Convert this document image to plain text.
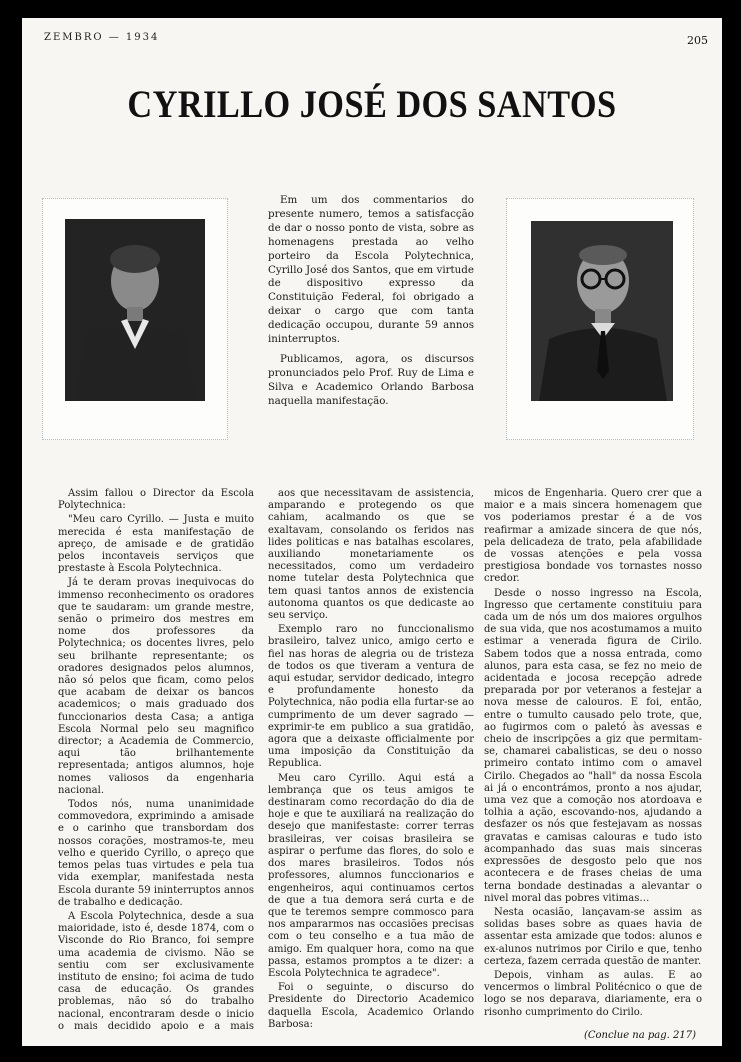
ZEMBRO — 1934	205
CYRILLO JOSÉ DOS SANTOS

Em um dos commentarios do presente numero, temos a satisfacção de dar o nosso ponto de vista, sobre as homenagens prestada ao velho porteiro da Escola Polytechnica, Cyrillo José dos Santos, que em virtude de dispositivo expresso da Constituição Federal, foi obrigado a deixar o cargo que com tanta dedicação occupou, durante 59 annos ininterruptos.

Publicamos, agora, os discursos pronunciados pelo Prof. Ruy de Lima e Silva e Academico Orlando Barbosa naquella manifestação.

Assim fallou o Director da Escola Polytechnica:

"Meu caro Cyrillo. — Justa e muito merecida é esta manifestação de apreço, de amisade e de gratidão pelos incontaveis serviços que prestaste à Escola Polytechnica.

Já te deram provas inequivocas do immenso reconhecimento os oradores que te saudaram: um grande mestre, senão o primeiro dos mestres em nome dos professores da Polytechnica; os docentes livres, pelo seu brilhante representante; os oradores designados pelos alumnos, não só pelos que ficam, como pelos que acabam de deixar os bancos academicos; o mais graduado dos funccionarios desta Casa; a antiga Escola Normal pelo seu magnifico director; a Academia de Commercio, aqui tão brilhantemente representada; antigos alumnos, hoje nomes valiosos da engenharia nacional.

Todos nós, numa unanimidade commovedora, exprimindo a amisade e o carinho que transbordam dos nossos corações, mostramos-te, meu velho e querido Cyrillo, o apreço que temos pelas tuas virtudes e pela tua vida exemplar, manifestada nesta Escola durante 59 ininterruptos annos de trabalho e dedicação.

A Escola Polytechnica, desde a sua maioridade, isto é, desde 1874, com o Visconde do Rio Branco, foi sempre uma academia de civismo. Não se sentiu com ser exclusivamente instituto de ensino; foi acima de tudo casa de educação. Os grandes problemas, não só do trabalho nacional, encontraram desde o inicio o mais decidido apoio e a mais

aos que necessitavam de assistencia, amparando e protegendo os que cahiam, acalmando os que se exaltavam, consolando os feridos nas lides politicas e nas batalhas escolares, auxiliando monetariamente os necessitados, como um verdadeiro nome tutelar desta Polytechnica que tem quasi tantos annos de existencia autonoma quantos os que dedicaste ao seu serviço.

Exemplo raro no funccionalismo brasileiro, talvez unico, amigo certo e fiel nas horas de alegria ou de tristeza de todos os que tiveram a ventura de aqui estudar, servidor dedicado, integro e profundamente honesto da Polytechnica, não podia ella furtar-se ao cumprimento de um dever sagrado — exprimir-te em publico a sua gratidão, agora que a deixaste officialmente por uma imposição da Constituição da Republica.

Meu caro Cyrillo. Aqui está a lembrança que os teus amigos te destinaram como recordação do dia de hoje e que te auxiliará na realização do desejo que manifestaste: correr terras brasileiras, ver coisas brasileira se aspirar o perfume das flores, do solo e dos mares brasileiros. Todos nós professores, alumnos funccionarios e engenheiros, aqui continuamos certos de que a tua demora será curta e de que te teremos sempre commosco para nos ampararmos nas occasiões precisas com o teu conselho e a tua mão de amigo. Em qualquer hora, como na que passa, estamos promptos a te dizer: a Escola Polytechnica te agradece".

Foi o seguinte, o discurso do Presidente do Directorio Academico daquella Escola, Academico Orlando Barbosa:

micos de Engenharia. Quero crer que a maior e a mais sincera homenagem que vos poderiamos prestar é a de vos reafirmar a amizade sincera de que nós, pela delicadeza de trato, pela afabilidade de vossas atenções e pela vossa prestigiosa bondade vos tornastes nosso credor.

Desde o nosso ingresso na Escola, Ingresso que certamente constituiu para cada um de nós um dos maiores orgulhos de sua vida, que nos acostumamos a muito estimar a venerada figura de Cirilo. Sabem todos que a nossa entrada, como alunos, para esta casa, se fez no meio de acidentada e jocosa recepção adrede preparada por por veteranos a festejar a nova messe de calouros. E foi, então, entre o tumulto causado pelo trote, que, ao fugirmos com o paletó às avessas e cheio de inscripções a giz que permitam-se, chamarei cabalisticas, se deu o nosso primeiro contato intimo com o amavel Cirilo. Chegados ao "hall" da nossa Escola ai já o encontrámos, pronto a nos ajudar, uma vez que a comoção nos atordoava e tolhia a ação, escovando-nos, ajudando a desfazer os nós que festejavam as nossas gravatas e camisas calouras e tudo isto acompanhado das suas mais sinceras expressões de desgosto pelo que nos acontecera e de frases cheias de uma terna bondade destinadas a alevantar o nivel moral das pobres vitimas…

Nesta ocasião, lançavam-se assim as solidas bases sobre as quaes havia de assentar esta amizade que todos: alunos e ex-alunos nutrimos por Cirilo e que, tenho certeza, fazem cerrada questão de manter.

Depois, vinham as aulas. E ao vencermos o limbral Politécnico o que de logo se nos deparava, diariamente, era o risonho cumprimento do Cirilo.

(Conclue na pag. 217)
